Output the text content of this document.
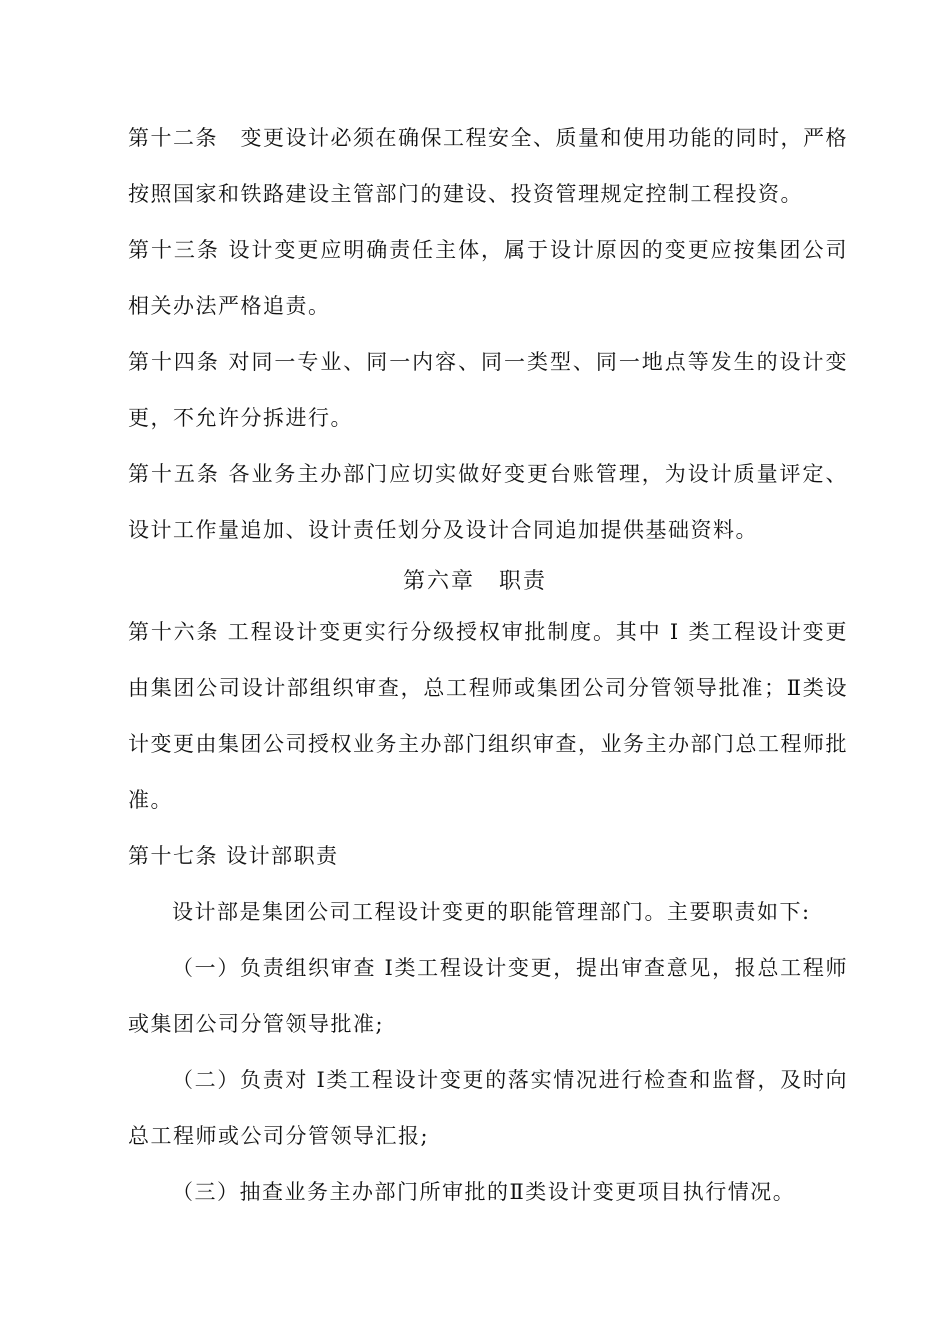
第十二条　变更设计必须在确保工程安全、质量和使用功能的同时，严格
按照国家和铁路建设主管部门的建设、投资管理规定控制工程投资。
第十三条 设计变更应明确责任主体，属于设计原因的变更应按集团公司
相关办法严格追责。
第十四条 对同一专业、同一内容、同一类型、同一地点等发生的设计变
更，不允许分拆进行。
第十五条 各业务主办部门应切实做好变更台账管理，为设计质量评定、
设计工作量追加、设计责任划分及设计合同追加提供基础资料。
第六章　职责
第十六条 工程设计变更实行分级授权审批制度。其中 Ⅰ 类工程设计变更
由集团公司设计部组织审查，总工程师或集团公司分管领导批准；Ⅱ类设
计变更由集团公司授权业务主办部门组织审查，业务主办部门总工程师批
准。
第十七条 设计部职责
设计部是集团公司工程设计变更的职能管理部门。主要职责如下:
（一）负责组织审查 Ⅰ类工程设计变更，提出审查意见，报总工程师
或集团公司分管领导批准;
（二）负责对 Ⅰ类工程设计变更的落实情况进行检查和监督，及时向
总工程师或公司分管领导汇报;
（三）抽查业务主办部门所审批的Ⅱ类设计变更项目执行情况。
